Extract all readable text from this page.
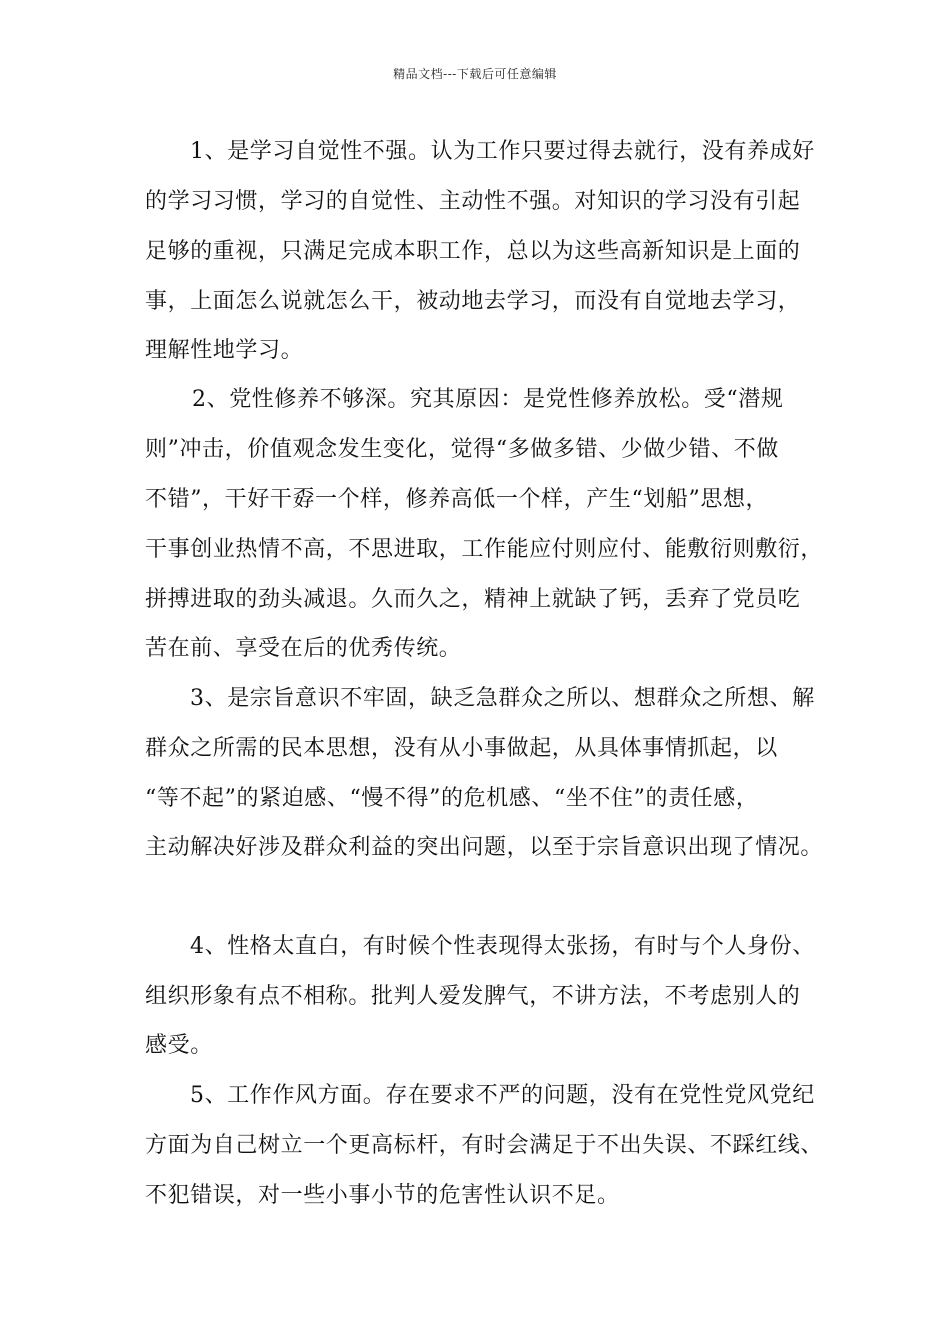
精品文档---下载后可任意编辑
1、是学习自觉性不强。认为工作只要过得去就行，没有养成好
的学习习惯，学习的自觉性、主动性不强。对知识的学习没有引起
足够的重视，只满足完成本职工作，总以为这些高新知识是上面的
事，上面怎么说就怎么干，被动地去学习，而没有自觉地去学习，
理解性地学习。
2、党性修养不够深。究其原因：是党性修养放松。受“潜规
则”冲击，价值观念发生变化，觉得“多做多错、少做少错、不做
不错”，干好干孬一个样，修养高低一个样，产生“划船”思想，
干事创业热情不高，不思进取，工作能应付则应付、能敷衍则敷衍，
拼搏进取的劲头减退。久而久之，精神上就缺了钙，丢弃了党员吃
苦在前、享受在后的优秀传统。
3、是宗旨意识不牢固，缺乏急群众之所以、想群众之所想、解
群众之所需的民本思想，没有从小事做起，从具体事情抓起，以
“等不起”的紧迫感、“慢不得”的危机感、“坐不住”的责任感，
主动解决好涉及群众利益的突出问题，以至于宗旨意识出现了情况。
4、性格太直白，有时候个性表现得太张扬，有时与个人身份、
组织形象有点不相称。批判人爱发脾气，不讲方法，不考虑别人的
感受。
5、工作作风方面。存在要求不严的问题，没有在党性党风党纪
方面为自己树立一个更高标杆，有时会满足于不出失误、不踩红线、
不犯错误，对一些小事小节的危害性认识不足。
